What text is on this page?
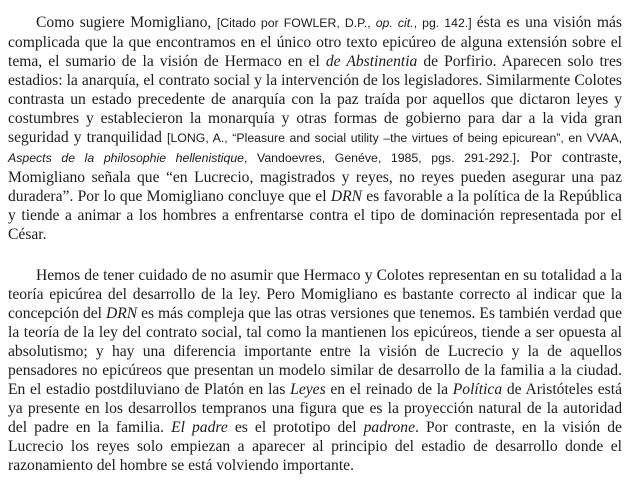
Como sugiere Momigliano, [Citado por FOWLER, D.P., op. cit., pg. 142.] ésta es una visión más complicada que la que encontramos en el único otro texto epicúreo de alguna extensión sobre el tema, el sumario de la visión de Hermaco en el de Abstinentia de Porfirio. Aparecen solo tres estadios: la anarquía, el contrato social y la intervención de los legisladores. Similarmente Colotes contrasta un estado precedente de anarquía con la paz traída por aquellos que dictaron leyes y costumbres y establecieron la monarquía y otras formas de gobierno para dar a la vida gran seguridad y tranquilidad [LONG, A., “Pleasure and social utility –the virtues of being epicurean”, en VVAA, Aspects de la philosophie hellenistique, Vandoevres, Genéve, 1985, pgs. 291-292.]. Por contraste, Momigliano señala que “en Lucrecio, magistrados y reyes, no reyes pueden asegurar una paz duradera”. Por lo que Momigliano concluye que el DRN es favorable a la política de la República y tiende a animar a los hombres a enfrentarse contra el tipo de dominación representada por el César.

Hemos de tener cuidado de no asumir que Hermaco y Colotes representan en su totalidad a la teoría epicúrea del desarrollo de la ley. Pero Momigliano es bastante correcto al indicar que la concepción del DRN es más compleja que las otras versiones que tenemos. Es también verdad que la teoría de la ley del contrato social, tal como la mantienen los epicúreos, tiende a ser opuesta al absolutismo; y hay una diferencia importante entre la visión de Lucrecio y la de aquellos pensadores no epicúreos que presentan un modelo similar de desarrollo de la familia a la ciudad. En el estadio postdiluviano de Platón en las Leyes en el reinado de la Política de Aristóteles está ya presente en los desarrollos tempranos una figura que es la proyección natural de la autoridad del padre en la familia. El padre es el prototipo del padrone. Por contraste, en la visión de Lucrecio los reyes solo empiezan a aparecer al principio del estadio de desarrollo donde el razonamiento del hombre se está volviendo importante.
